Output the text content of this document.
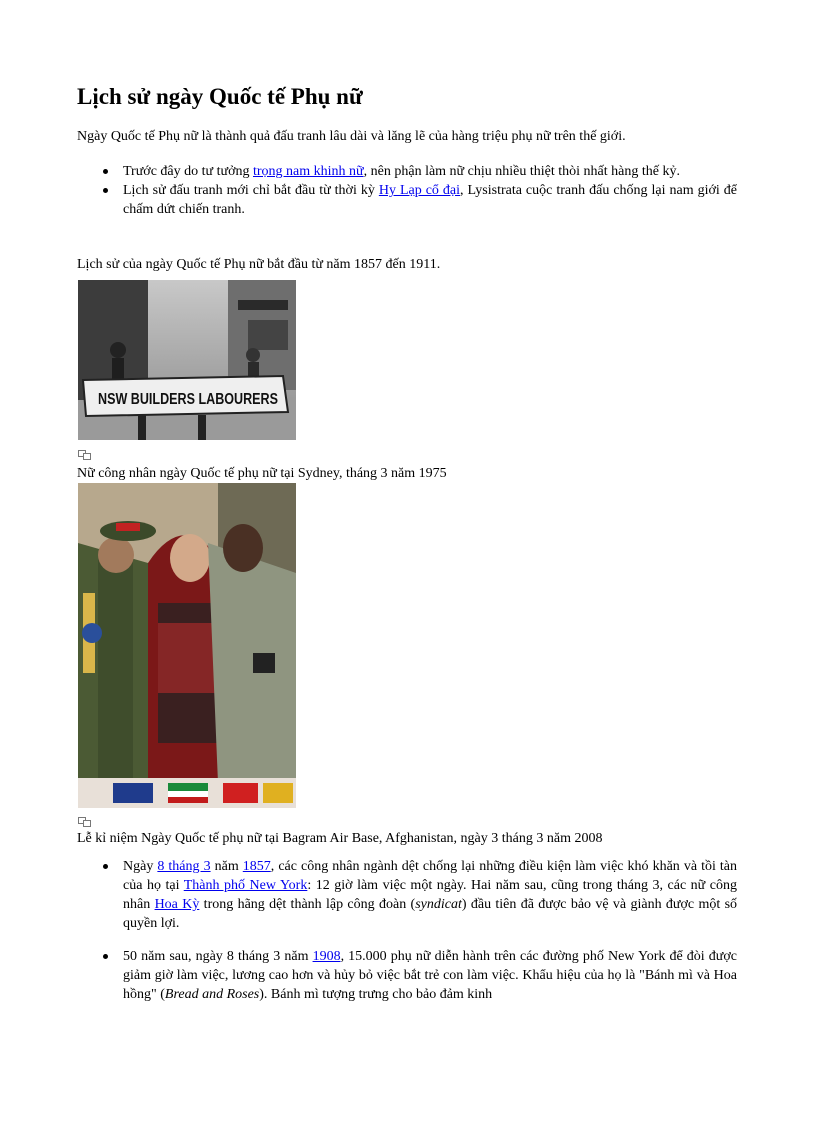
Lịch sử ngày Quốc tế Phụ nữ

Ngày Quốc tế Phụ nữ là thành quả đấu tranh lâu dài và lăng lẽ của hàng triệu phụ nữ trên thế giới.

Trước đây do tư tưởng trọng nam khinh nữ, nên phận làm nữ chịu nhiều thiệt thòi nhất hàng thế kỷ.
Lịch sử đấu tranh mới chỉ bắt đầu từ thời kỳ Hy Lạp cổ đại, Lysistrata cuộc tranh đấu chống lại nam giới để chấm dứt chiến tranh.

Lịch sử của ngày Quốc tế Phụ nữ bắt đầu từ năm 1857 đến 1911.

NSW BUILDERS LABOURERS

Nữ công nhân ngày Quốc tế phụ nữ tại Sydney, tháng 3 năm 1975

Lễ kỉ niệm Ngày Quốc tế phụ nữ tại Bagram Air Base, Afghanistan, ngày 3 tháng 3 năm 2008

Ngày 8 tháng 3 năm 1857, các công nhân ngành dệt chống lại những điều kiện làm việc khó khăn và tồi tàn của họ tại Thành phố New York: 12 giờ làm việc một ngày. Hai năm sau, cũng trong tháng 3, các nữ công nhân Hoa Kỳ trong hãng dệt thành lập công đoàn (syndicat) đầu tiên đã được bảo vệ và giành được một số quyền lợi.
50 năm sau, ngày 8 tháng 3 năm 1908, 15.000 phụ nữ diễn hành trên các đường phố New York để đòi được giảm giờ làm việc, lương cao hơn và hủy bỏ việc bắt trẻ con làm việc. Khẩu hiệu của họ là "Bánh mì và Hoa hồng" (Bread and Roses). Bánh mì tượng trưng cho bảo đảm kinh
